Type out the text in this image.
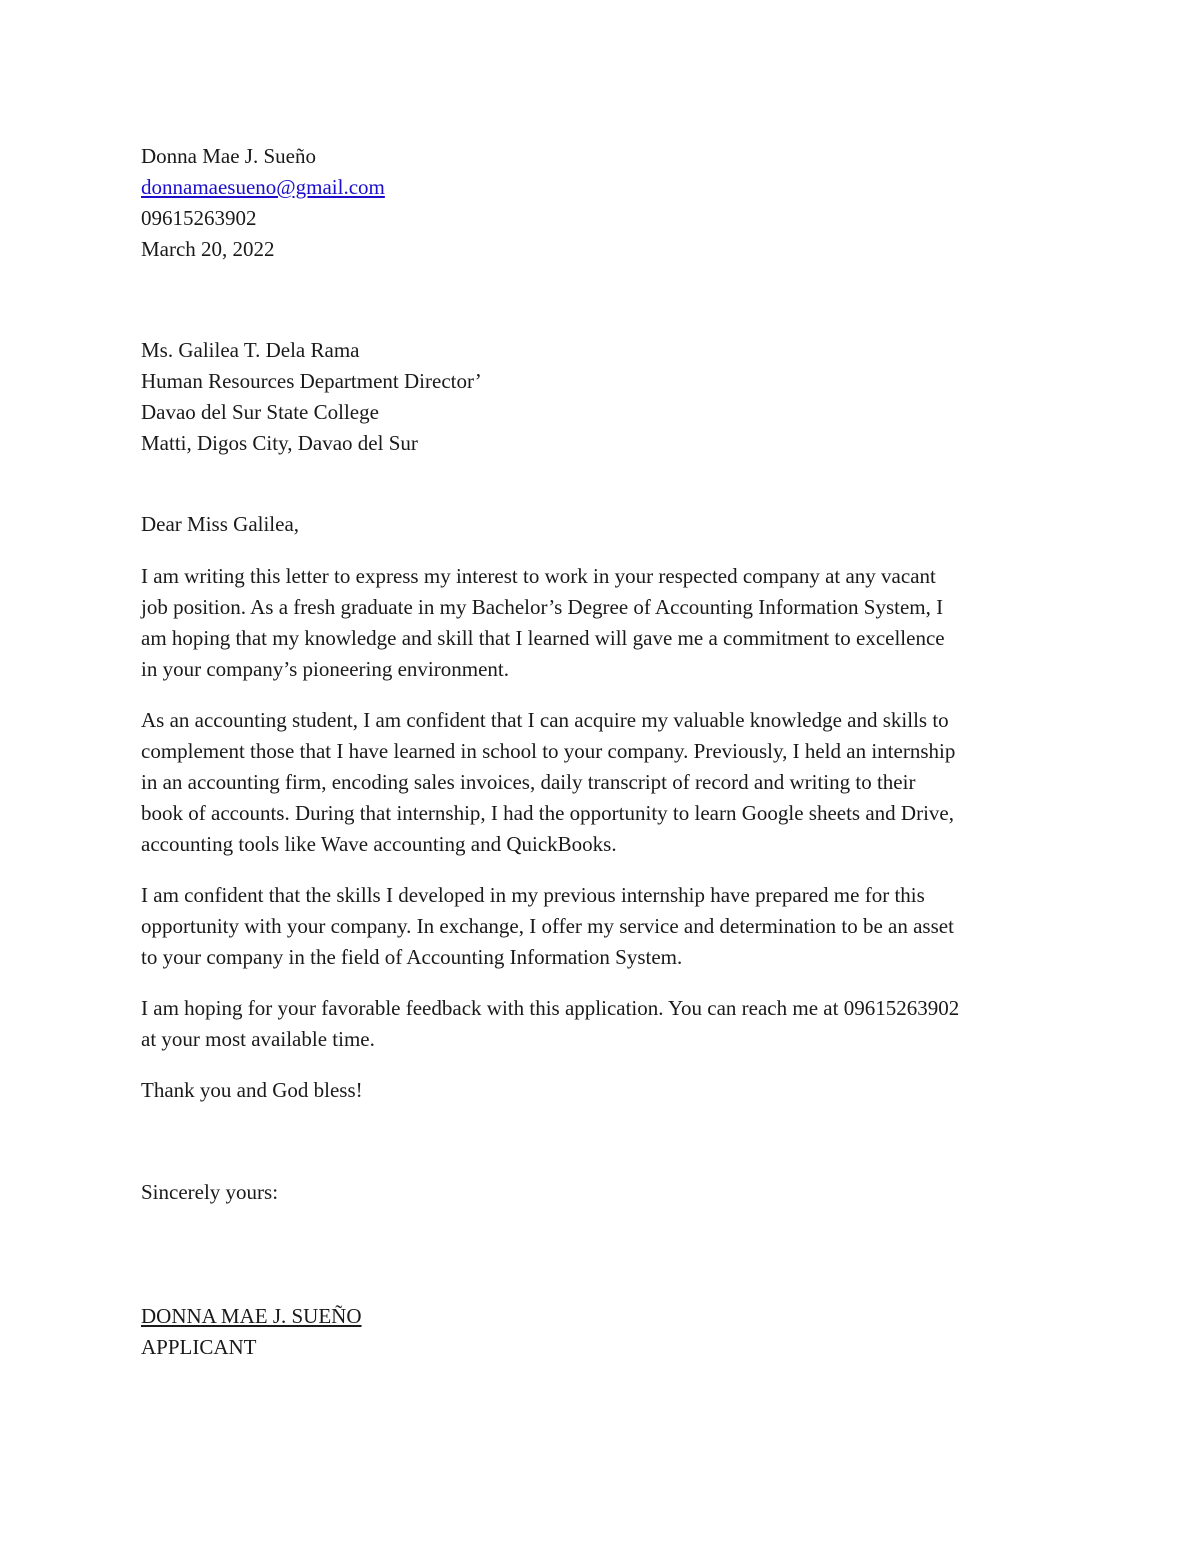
Donna Mae J. Sueño
donnamaesueno@gmail.com
09615263902
March 20, 2022
Ms. Galilea T. Dela Rama
Human Resources Department Director’
Davao del Sur State College
Matti, Digos City, Davao del Sur
Dear Miss Galilea,
I am writing this letter to express my interest to work in your respected company at any vacant
job position. As a fresh graduate in my Bachelor’s Degree of Accounting Information System, I
am hoping that my knowledge and skill that I learned will gave me a commitment to excellence
in your company’s pioneering environment.
As an accounting student, I am confident that I can acquire my valuable knowledge and skills to
complement those that I have learned in school to your company. Previously, I held an internship
in an accounting firm, encoding sales invoices, daily transcript of record and writing to their
book of accounts. During that internship, I had the opportunity to learn Google sheets and Drive,
accounting tools like Wave accounting and QuickBooks.
I am confident that the skills I developed in my previous internship have prepared me for this
opportunity with your company. In exchange, I offer my service and determination to be an asset
to your company in the field of Accounting Information System.
I am hoping for your favorable feedback with this application. You can reach me at 09615263902
at your most available time.
Thank you and God bless!
Sincerely yours:
DONNA MAE J. SUEÑO
APPLICANT
